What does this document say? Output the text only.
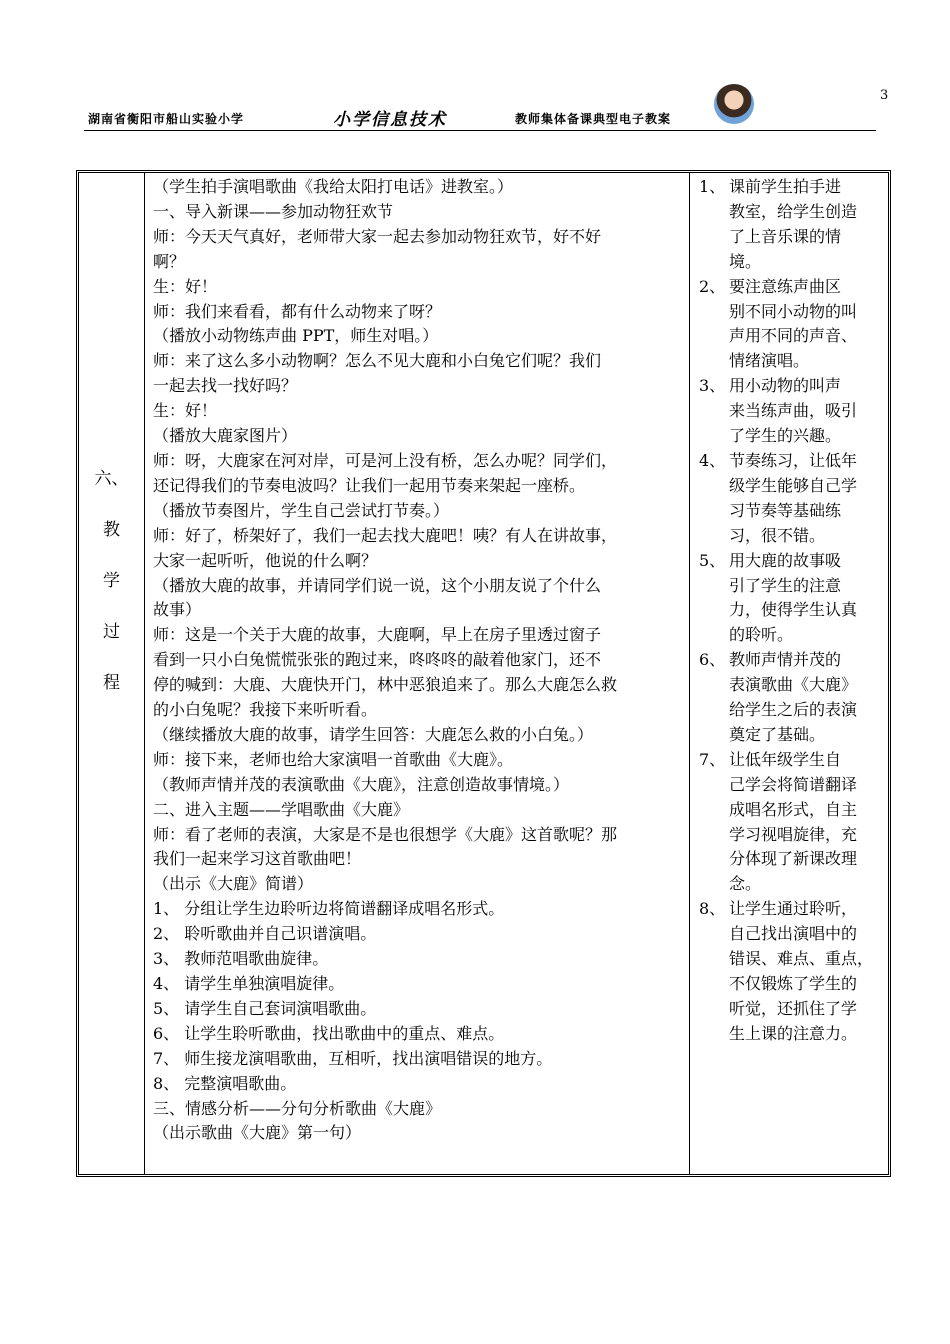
3
湖南省衡阳市船山实验小学	小学信息技术	教师集体备课典型电子教案
六、
教
学
过
程

（学生拍手演唱歌曲《我给太阳打电话》进教室。）

一、导入新课——参加动物狂欢节

师：今天天气真好，老师带大家一起去参加动物狂欢节，好不好

啊？

生：好！

师：我们来看看，都有什么动物来了呀？

（播放小动物练声曲 PPT，师生对唱。）

师：来了这么多小动物啊？怎么不见大鹿和小白兔它们呢？我们

一起去找一找好吗？

生：好！

（播放大鹿家图片）

师：呀，大鹿家在河对岸，可是河上没有桥，怎么办呢？同学们，

还记得我们的节奏电波吗？让我们一起用节奏来架起一座桥。

（播放节奏图片，学生自己尝试打节奏。）

师：好了，桥架好了，我们一起去找大鹿吧！咦？有人在讲故事，

大家一起听听，他说的什么啊？

（播放大鹿的故事，并请同学们说一说，这个小朋友说了个什么

故事）

师：这是一个关于大鹿的故事，大鹿啊，早上在房子里透过窗子

看到一只小白兔慌慌张张的跑过来，咚咚咚的敲着他家门，还不

停的喊到：大鹿、大鹿快开门，林中恶狼追来了。那么大鹿怎么救

的小白兔呢？我接下来听听看。

（继续播放大鹿的故事，请学生回答：大鹿怎么救的小白兔。）

师：接下来，老师也给大家演唱一首歌曲《大鹿》。

（教师声情并茂的表演歌曲《大鹿》，注意创造故事情境。）

二、进入主题——学唱歌曲《大鹿》

师：看了老师的表演，大家是不是也很想学《大鹿》这首歌呢？那

我们一起来学习这首歌曲吧！

（出示《大鹿》简谱）

1、 分组让学生边聆听边将简谱翻译成唱名形式。

2、 聆听歌曲并自己识谱演唱。

3、 教师范唱歌曲旋律。

4、 请学生单独演唱旋律。

5、 请学生自己套词演唱歌曲。

6、 让学生聆听歌曲，找出歌曲中的重点、难点。

7、 师生接龙演唱歌曲，互相听，找出演唱错误的地方。

8、 完整演唱歌曲。

三、情感分析——分句分析歌曲《大鹿》

（出示歌曲《大鹿》第一句）

1、 课前学生拍手进
教室，给学生创造
了上音乐课的情
境。
2、 要注意练声曲区
别不同小动物的叫
声用不同的声音、
情绪演唱。
3、 用小动物的叫声
来当练声曲，吸引
了学生的兴趣。
4、 节奏练习，让低年
级学生能够自己学
习节奏等基础练
习，很不错。
5、 用大鹿的故事吸
引了学生的注意
力，使得学生认真
的聆听。
6、 教师声情并茂的
表演歌曲《大鹿》
给学生之后的表演
奠定了基础。
7、 让低年级学生自
己学会将简谱翻译
成唱名形式，自主
学习视唱旋律，充
分体现了新课改理
念。
8、 让学生通过聆听，
自己找出演唱中的
错误、难点、重点，
不仅锻炼了学生的
听觉，还抓住了学
生上课的注意力。
